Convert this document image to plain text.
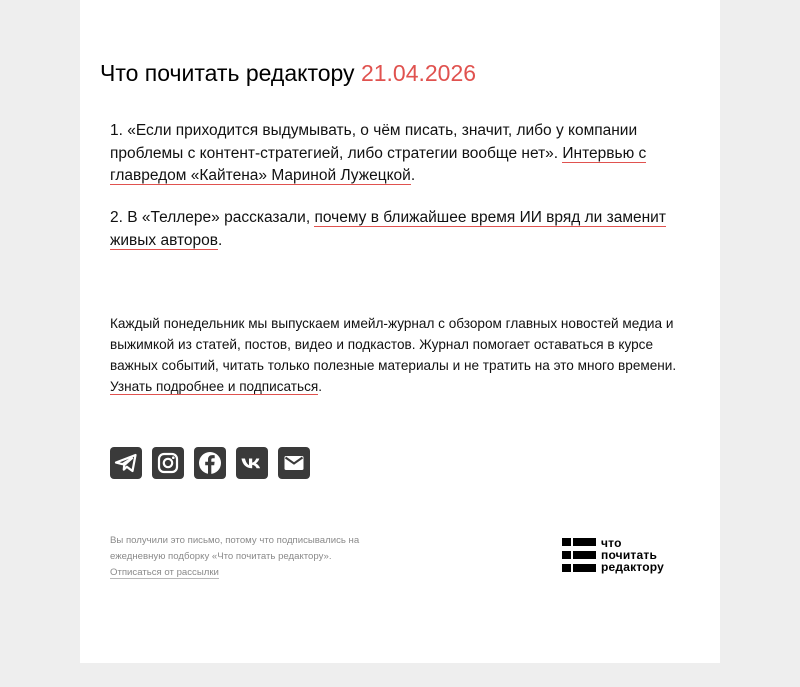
Что почитать редактору 21.04.2026

1. «Если приходится выдумывать, о чём писать, значит, либо у компании проблемы с контент-стратегией, либо стратегии вообще нет». Интервью с главредом «Кайтена» Мариной Лужецкой.

2. В «Теллере» рассказали, почему в ближайшее время ИИ вряд ли заменит живых авторов.

Каждый понедельник мы выпускаем имейл-журнал с обзором главных новостей медиа и выжимкой из статей, постов, видео и подкастов. Журнал помогает оставаться в курсе важных событий, читать только полезные материалы и не тратить на это много времени. Узнать подробнее и подписаться.

Вы получили это письмо, потому что подписывались на ежедневную подборку «Что почитать редактору».
Отписаться от рассылки

что
почитать
редактору
